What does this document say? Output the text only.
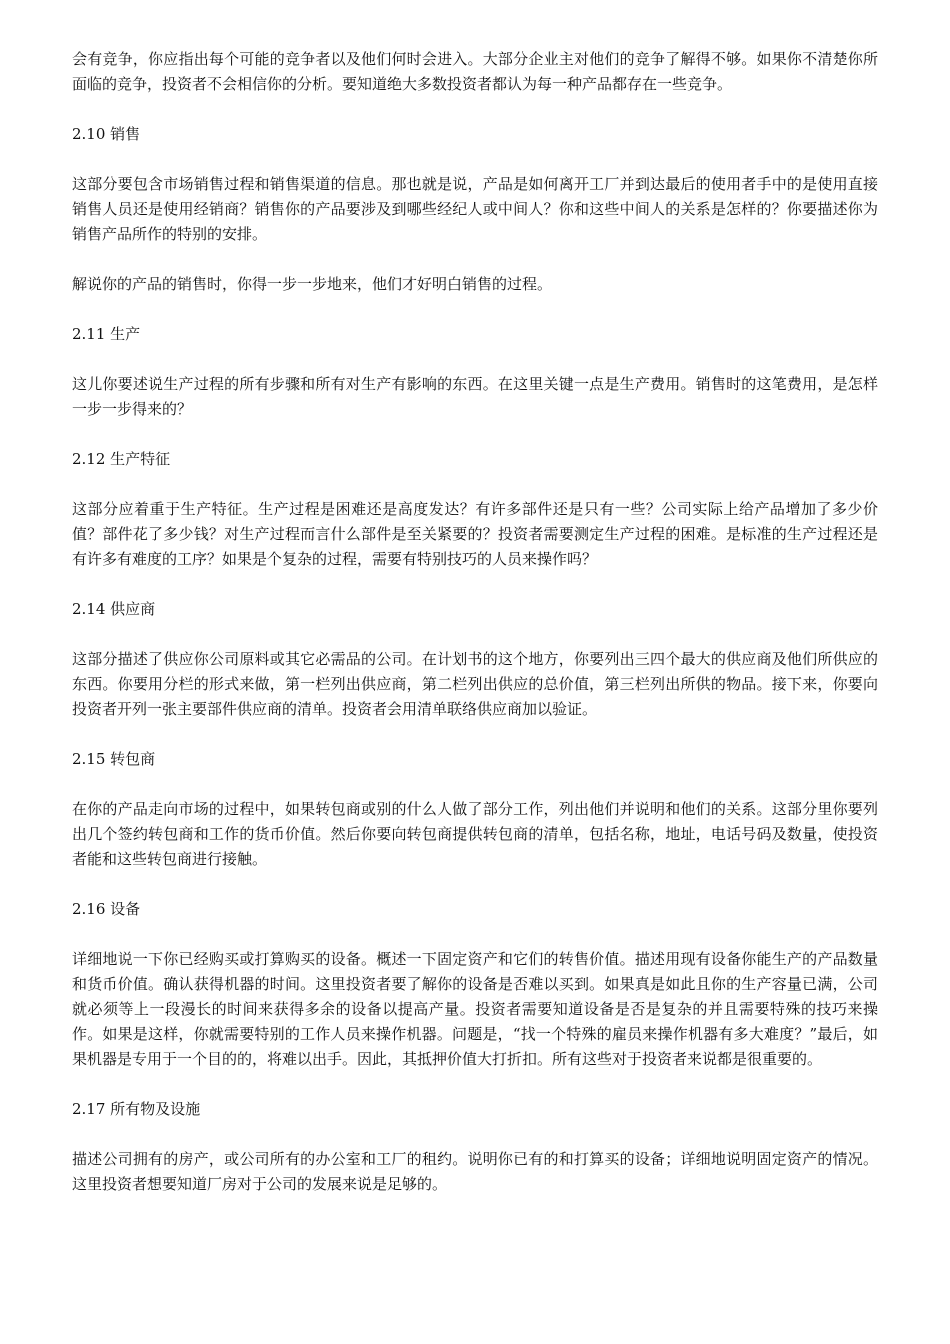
会有竞争，你应指出每个可能的竞争者以及他们何时会进入。大部分企业主对他们的竞争了解得不够。如果你不清楚你所面临的竞争，投资者不会相信你的分析。要知道绝大多数投资者都认为每一种产品都存在一些竞争。

2.10 销售

这部分要包含市场销售过程和销售渠道的信息。那也就是说，产品是如何离开工厂并到达最后的使用者手中的是使用直接销售人员还是使用经销商？销售你的产品要涉及到哪些经纪人或中间人？你和这些中间人的关系是怎样的？你要描述你为销售产品所作的特别的安排。

解说你的产品的销售时，你得一步一步地来，他们才好明白销售的过程。

2.11 生产

这儿你要述说生产过程的所有步骤和所有对生产有影响的东西。在这里关键一点是生产费用。销售时的这笔费用，是怎样一步一步得来的？

2.12 生产特征

这部分应着重于生产特征。生产过程是困难还是高度发达？有许多部件还是只有一些？公司实际上给产品增加了多少价值？部件花了多少钱？对生产过程而言什么部件是至关紧要的？投资者需要测定生产过程的困难。是标准的生产过程还是有许多有难度的工序？如果是个复杂的过程，需要有特别技巧的人员来操作吗？

2.14 供应商

这部分描述了供应你公司原料或其它必需品的公司。在计划书的这个地方，你要列出三四个最大的供应商及他们所供应的东西。你要用分栏的形式来做，第一栏列出供应商，第二栏列出供应的总价值，第三栏列出所供的物品。接下来，你要向投资者开列一张主要部件供应商的清单。投资者会用清单联络供应商加以验证。

2.15 转包商

在你的产品走向市场的过程中，如果转包商或别的什么人做了部分工作，列出他们并说明和他们的关系。这部分里你要列出几个签约转包商和工作的货币价值。然后你要向转包商提供转包商的清单，包括名称，地址，电话号码及数量，使投资者能和这些转包商进行接触。

2.16 设备

详细地说一下你已经购买或打算购买的设备。概述一下固定资产和它们的转售价值。描述用现有设备你能生产的产品数量和货币价值。确认获得机器的时间。这里投资者要了解你的设备是否难以买到。如果真是如此且你的生产容量已满，公司就必须等上一段漫长的时间来获得多余的设备以提高产量。投资者需要知道设备是否是复杂的并且需要特殊的技巧来操作。如果是这样，你就需要特别的工作人员来操作机器。问题是，“找一个特殊的雇员来操作机器有多大难度？”最后，如果机器是专用于一个目的的，将难以出手。因此，其抵押价值大打折扣。所有这些对于投资者来说都是很重要的。

2.17 所有物及设施

描述公司拥有的房产，或公司所有的办公室和工厂的租约。说明你已有的和打算买的设备；详细地说明固定资产的情况。这里投资者想要知道厂房对于公司的发展来说是足够的。
